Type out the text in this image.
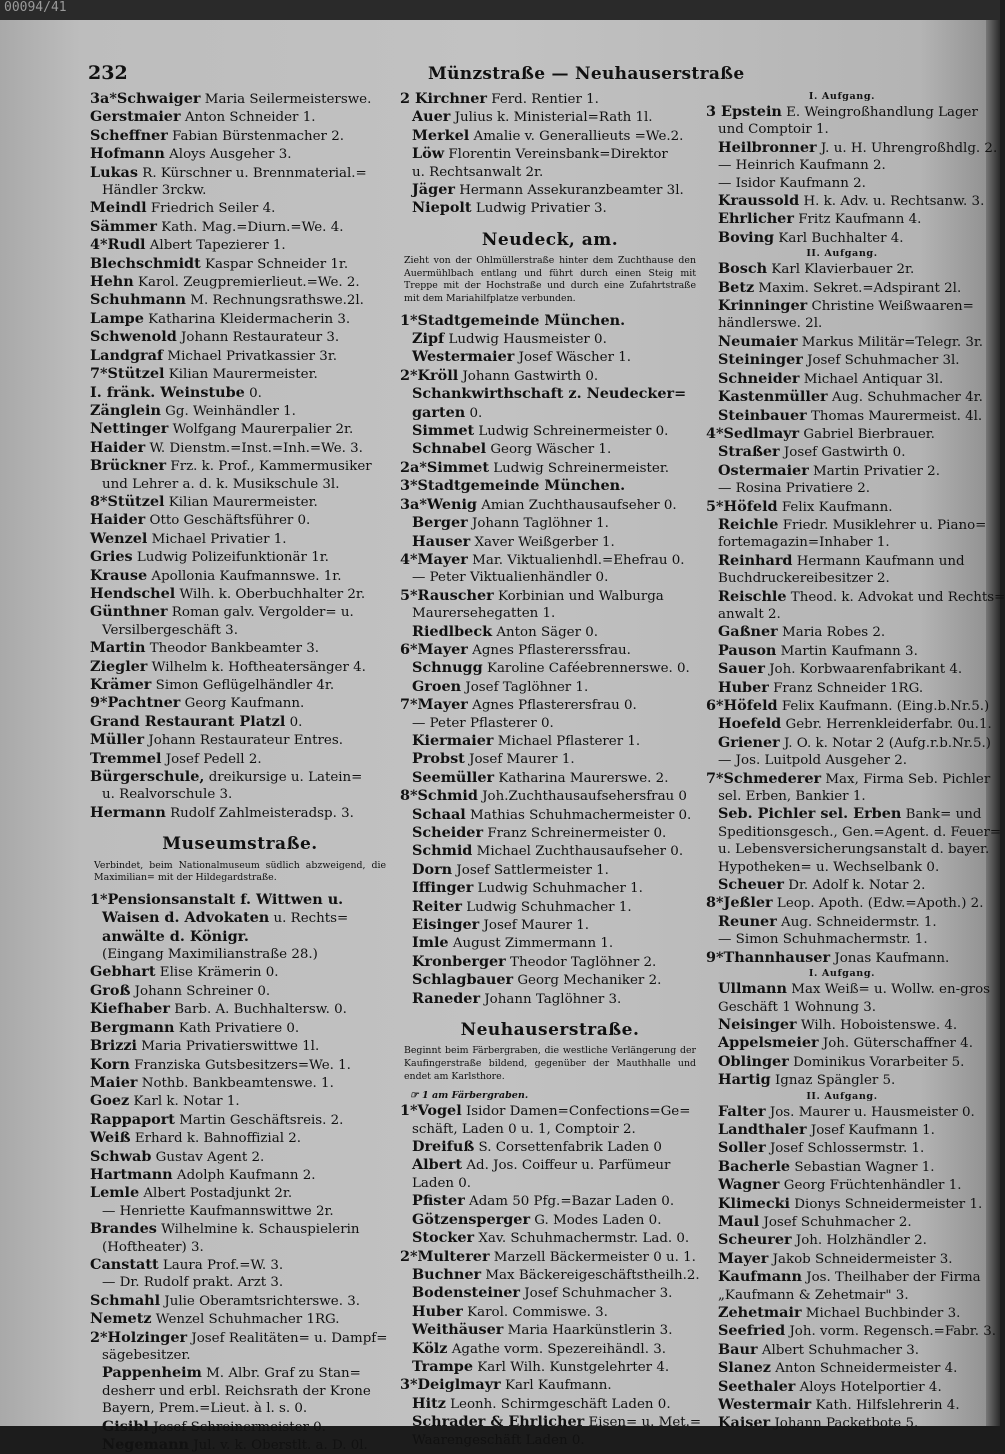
00094/41
232	Münzstraße — Neuhauserstraße
3a*Schwaiger Maria Seilermeisterswe.
Gerstmaier Anton Schneider 1.
Scheffner Fabian Bürstenmacher 2.
Hofmann Aloys Ausgeher 3.
Lukas R. Kürschner u. Brennmaterial.=
Händler 3rckw.
Meindl Friedrich Seiler 4.
Sämmer Kath. Mag.=Diurn.=We. 4.
4*Rudl Albert Tapezierer 1.
Blechschmidt Kaspar Schneider 1r.
Hehn Karol. Zeugpremierlieut.=We. 2.
Schuhmann M. Rechnungsrathswe.2l.
Lampe Katharina Kleidermacherin 3.
Schwenold Johann Restaurateur 3.
Landgraf Michael Privatkassier 3r.
7*Stützel Kilian Maurermeister.
I. fränk. Weinstube 0.
Zänglein Gg. Weinhändler 1.
Nettinger Wolfgang Maurerpalier 2r.
Haider W. Dienstm.=Inst.=Inh.=We. 3.
Brückner Frz. k. Prof., Kammermusiker
und Lehrer a. d. k. Musikschule 3l.
8*Stützel Kilian Maurermeister.
Haider Otto Geschäftsführer 0.
Wenzel Michael Privatier 1.
Gries Ludwig Polizeifunktionär 1r.
Krause Apollonia Kaufmannswe. 1r.
Hendschel Wilh. k. Oberbuchhalter 2r.
Günthner Roman galv. Vergolder= u.
Versilbergeschäft 3.
Martin Theodor Bankbeamter 3.
Ziegler Wilhelm k. Hoftheatersänger 4.
Krämer Simon Geflügelhändler 4r.
9*Pachtner Georg Kaufmann.
Grand Restaurant Platzl 0.
Müller Johann Restaurateur Entres.
Tremmel Josef Pedell 2.
Bürgerschule, dreikursige u. Latein=
u. Realvorschule 3.
Hermann Rudolf Zahlmeisteradsp. 3.
Museumstraße.
Verbindet, beim Nationalmuseum südlich abzweigend, die Maximilian= mit der Hildegardstraße.
1*Pensionsanstalt f. Wittwen u.
Waisen d. Advokaten u. Rechts=
anwälte d. Königr.
(Eingang Maximilianstraße 28.)
Gebhart Elise Krämerin 0.
Groß Johann Schreiner 0.
Kiefhaber Barb. A. Buchhaltersw. 0.
Bergmann Kath Privatiere 0.
Brizzi Maria Privatierswittwe 1l.
Korn Franziska Gutsbesitzers=We. 1.
Maier Nothb. Bankbeamtenswe. 1.
Goez Karl k. Notar 1.
Rappaport Martin Geschäftsreis. 2.
Weiß Erhard k. Bahnoffizial 2.
Schwab Gustav Agent 2.
Hartmann Adolph Kaufmann 2.
Lemle Albert Postadjunkt 2r.
— Henriette Kaufmannswittwe 2r.
Brandes Wilhelmine k. Schauspielerin
(Hoftheater) 3.
Canstatt Laura Prof.=W. 3.
— Dr. Rudolf prakt. Arzt 3.
Schmahl Julie Oberamtsrichterswe. 3.
Nemetz Wenzel Schuhmacher 1RG.
2*Holzinger Josef Realitäten= u. Dampf=
sägebesitzer.
Pappenheim M. Albr. Graf zu Stan=
desherr und erbl. Reichsrath der Krone
Bayern, Prem.=Lieut. à l. s. 0.
Gisibl Josef Schreinermeister 0.
Negemann Jul. v. k. Oberstlt. a. D. 0l.
2 Kirchner Ferd. Rentier 1.
Auer Julius k. Ministerial=Rath 1l.
Merkel Amalie v. Generallieuts =We.2.
Löw Florentin Vereinsbank=Direktor
u. Rechtsanwalt 2r.
Jäger Hermann Assekuranzbeamter 3l.
Niepolt Ludwig Privatier 3.
Neudeck, am.
Zieht von der Ohlmüllerstraße hinter dem Zuchthause den Auermühlbach entlang und führt durch einen Steig mit Treppe mit der Hochstraße und durch eine Zufahrtstraße mit dem Mariahilfplatze verbunden.
1*Stadtgemeinde München.
Zipf Ludwig Hausmeister 0.
Westermaier Josef Wäscher 1.
2*Kröll Johann Gastwirth 0.
Schankwirthschaft z. Neudecker=
garten 0.
Simmet Ludwig Schreinermeister 0.
Schnabel Georg Wäscher 1.
2a*Simmet Ludwig Schreinermeister.
3*Stadtgemeinde München.
3a*Wenig Amian Zuchthausaufseher 0.
Berger Johann Taglöhner 1.
Hauser Xaver Weißgerber 1.
4*Mayer Mar. Viktualienhdl.=Ehefrau 0.
— Peter Viktualienhändler 0.
5*Rauscher Korbinian und Walburga
Maurersehegatten 1.
Riedlbeck Anton Säger 0.
6*Mayer Agnes Pflastererssfrau.
Schnugg Karoline Caféebrennerswe. 0.
Groen Josef Taglöhner 1.
7*Mayer Agnes Pflasterersfrau 0.
— Peter Pflasterer 0.
Kiermaier Michael Pflasterer 1.
Probst Josef Maurer 1.
Seemüller Katharina Maurerswe. 2.
8*Schmid Joh.Zuchthausaufsehersfrau 0
Schaal Mathias Schuhmachermeister 0.
Scheider Franz Schreinermeister 0.
Schmid Michael Zuchthausaufseher 0.
Dorn Josef Sattlermeister 1.
Iffinger Ludwig Schuhmacher 1.
Reiter Ludwig Schuhmacher 1.
Eisinger Josef Maurer 1.
Imle August Zimmermann 1.
Kronberger Theodor Taglöhner 2.
Schlagbauer Georg Mechaniker 2.
Raneder Johann Taglöhner 3.
Neuhauserstraße.
Beginnt beim Färbergraben, die westliche Verlängerung der Kaufingerstraße bildend, gegenüber der Mauthhalle und endet am Karlsthore.
☞ 1 am Färbergraben.
1*Vogel Isidor Damen=Confections=Ge=
schäft, Laden 0 u. 1, Comptoir 2.
Dreifuß S. Corsettenfabrik Laden 0
Albert Ad. Jos. Coiffeur u. Parfümeur
Laden 0.
Pfister Adam 50 Pfg.=Bazar Laden 0.
Götzensperger G. Modes Laden 0.
Stocker Xav. Schuhmachermstr. Lad. 0.
2*Multerer Marzell Bäckermeister 0 u. 1.
Buchner Max Bäckereigeschäftstheilh.2.
Bodensteiner Josef Schuhmacher 3.
Huber Karol. Commiswe. 3.
Weithäuser Maria Haarkünstlerin 3.
Kölz Agathe vorm. Spezereihändl. 3.
Trampe Karl Wilh. Kunstgelehrter 4.
3*Deiglmayr Karl Kaufmann.
Hitz Leonh. Schirmgeschäft Laden 0.
Schrader & Ehrlicher Eisen= u. Met.=
Waarengeschäft Laden 0.
I. Aufgang.
3 Epstein E. Weingroßhandlung Lager
und Comptoir 1.
Heilbronner J. u. H. Uhrengroßhdlg. 2.
— Heinrich Kaufmann 2.
— Isidor Kaufmann 2.
Kraussold H. k. Adv. u. Rechtsanw. 3.
Ehrlicher Fritz Kaufmann 4.
Boving Karl Buchhalter 4.
II. Aufgang.
Bosch Karl Klavierbauer 2r.
Betz Maxim. Sekret.=Adspirant 2l.
Krinninger Christine Weißwaaren=
händlerswe. 2l.
Neumaier Markus Militär=Telegr. 3r.
Steininger Josef Schuhmacher 3l.
Schneider Michael Antiquar 3l.
Kastenmüller Aug. Schuhmacher 4r.
Steinbauer Thomas Maurermeist. 4l.
4*Sedlmayr Gabriel Bierbrauer.
Straßer Josef Gastwirth 0.
Ostermaier Martin Privatier 2.
— Rosina Privatiere 2.
5*Höfeld Felix Kaufmann.
Reichle Friedr. Musiklehrer u. Piano=
fortemagazin=Inhaber 1.
Reinhard Hermann Kaufmann und
Buchdruckereibesitzer 2.
Reischle Theod. k. Advokat und Rechts=
anwalt 2.
Gaßner Maria Robes 2.
Pauson Martin Kaufmann 3.
Sauer Joh. Korbwaarenfabrikant 4.
Huber Franz Schneider 1RG.
6*Höfeld Felix Kaufmann. (Eing.b.Nr.5.)
Hoefeld Gebr. Herrenkleiderfabr. 0u.1.
Griener J. O. k. Notar 2 (Aufg.r.b.Nr.5.)
— Jos. Luitpold Ausgeher 2.
7*Schmederer Max, Firma Seb. Pichler
sel. Erben, Bankier 1.
Seb. Pichler sel. Erben Bank= und
Speditionsgesch., Gen.=Agent. d. Feuer=
u. Lebensversicherungsanstalt d. bayer.
Hypotheken= u. Wechselbank 0.
Scheuer Dr. Adolf k. Notar 2.
8*Jeßler Leop. Apoth. (Edw.=Apoth.) 2.
Reuner Aug. Schneidermstr. 1.
— Simon Schuhmachermstr. 1.
9*Thannhauser Jonas Kaufmann.
I. Aufgang.
Ullmann Max Weiß= u. Wollw. en-gros
Geschäft 1 Wohnung 3.
Neisinger Wilh. Hoboistenswe. 4.
Appelsmeier Joh. Güterschaffner 4.
Oblinger Dominikus Vorarbeiter 5.
Hartig Ignaz Spängler 5.
II. Aufgang.
Falter Jos. Maurer u. Hausmeister 0.
Landthaler Josef Kaufmann 1.
Soller Josef Schlossermstr. 1.
Bacherle Sebastian Wagner 1.
Wagner Georg Früchtenhändler 1.
Klimecki Dionys Schneidermeister 1.
Maul Josef Schuhmacher 2.
Scheurer Joh. Holzhändler 2.
Mayer Jakob Schneidermeister 3.
Kaufmann Jos. Theilhaber der Firma
„Kaufmann & Zehetmair" 3.
Zehetmair Michael Buchbinder 3.
Seefried Joh. vorm. Regensch.=Fabr. 3.
Baur Albert Schuhmacher 3.
Slanez Anton Schneidermeister 4.
Seethaler Aloys Hotelportier 4.
Westermair Kath. Hilfslehrerin 4.
Kaiser Johann Packetbote 5.
